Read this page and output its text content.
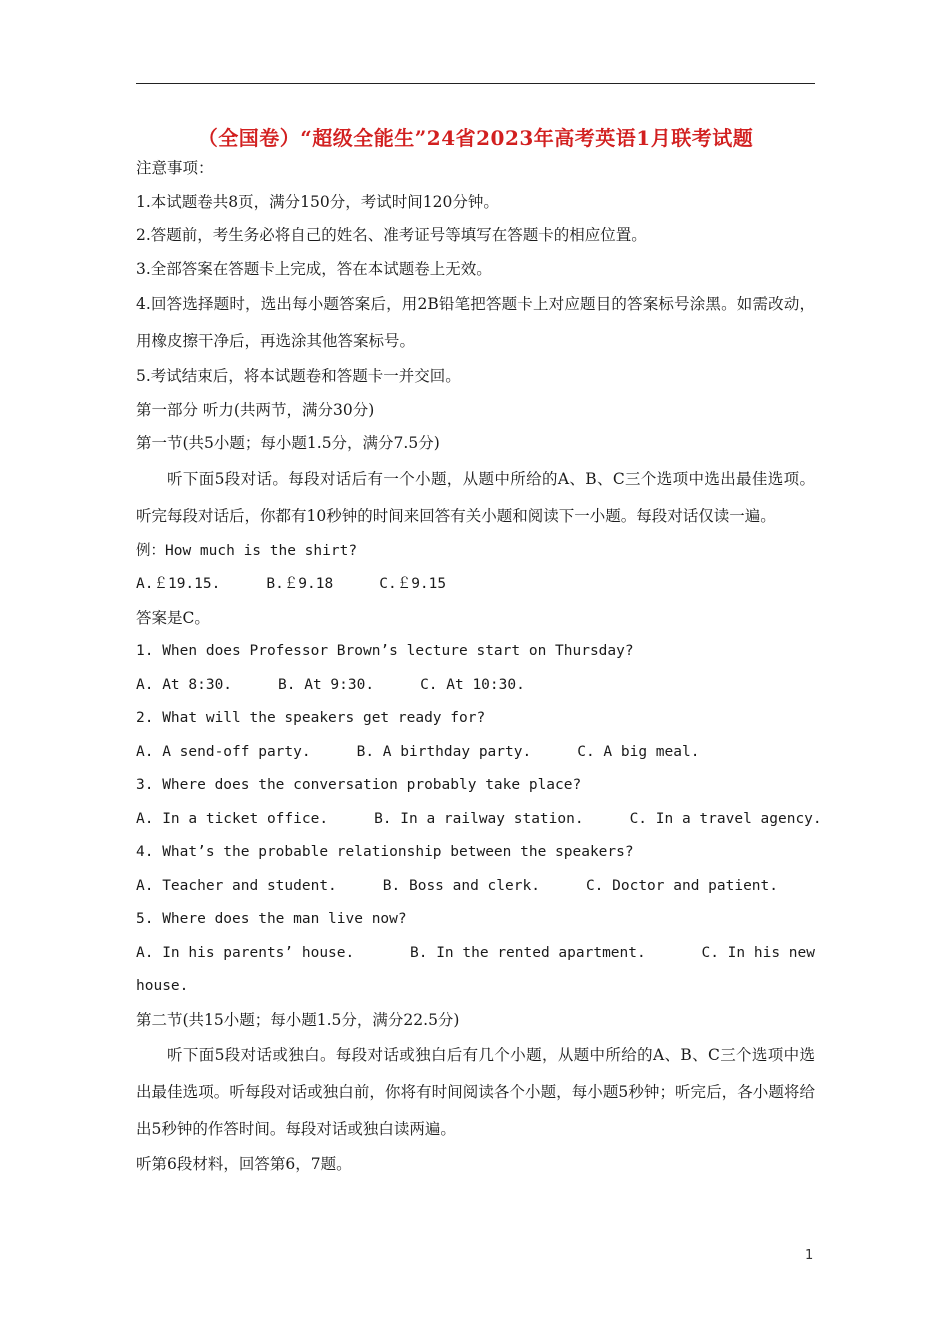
（全国卷）“超级全能生”24省2023年高考英语1月联考试题
注意事项：
1.本试题卷共8页，满分150分，考试时间120分钟。
2.答题前，考生务必将自己的姓名、准考证号等填写在答题卡的相应位置。
3.全部答案在答题卡上完成，答在本试题卷上无效。
4.回答选择题时，选出每小题答案后，用2B铅笔把答题卡上对应题目的答案标号涂黑。如需改动，用橡皮擦干净后，再选涂其他答案标号。
5.考试结束后，将本试题卷和答题卡一并交回。
第一部分 听力(共两节，满分30分)
第一节(共5小题；每小题1.5分，满分7.5分)
听下面5段对话。每段对话后有一个小题，从题中所给的A、B、C三个选项中选出最佳选项。听完每段对话后，你都有10秒钟的时间来回答有关小题和阅读下一小题。每段对话仅读一遍。
例：How much is the shirt?
A.￡19.15.	B.￡9.18	C.￡9.15
答案是C。
1. When does Professor Brown’s lecture start on Thursday?
A. At 8:30.	B. At 9:30.	C. At 10:30.
2. What will the speakers get ready for?
A. A send-off party.	B. A birthday party.	C. A big meal.
3. Where does the conversation probably take place?
A. In a ticket office.	B. In a railway station.	C. In a travel agency.
4. What’s the probable relationship between the speakers?
A. Teacher and student.	B. Boss and clerk.	C. Doctor and patient.
5. Where does the man live now?
A. In his parents’ house.	B. In the rented apartment.	C. In his new
house.
第二节(共15小题；每小题1.5分，满分22.5分)
听下面5段对话或独白。每段对话或独白后有几个小题，从题中所给的A、B、C三个选项中选出最佳选项。听每段对话或独白前，你将有时间阅读各个小题，每小题5秒钟；听完后，各小题将给出5秒钟的作答时间。每段对话或独白读两遍。
听第6段材料，回答第6，7题。
1
